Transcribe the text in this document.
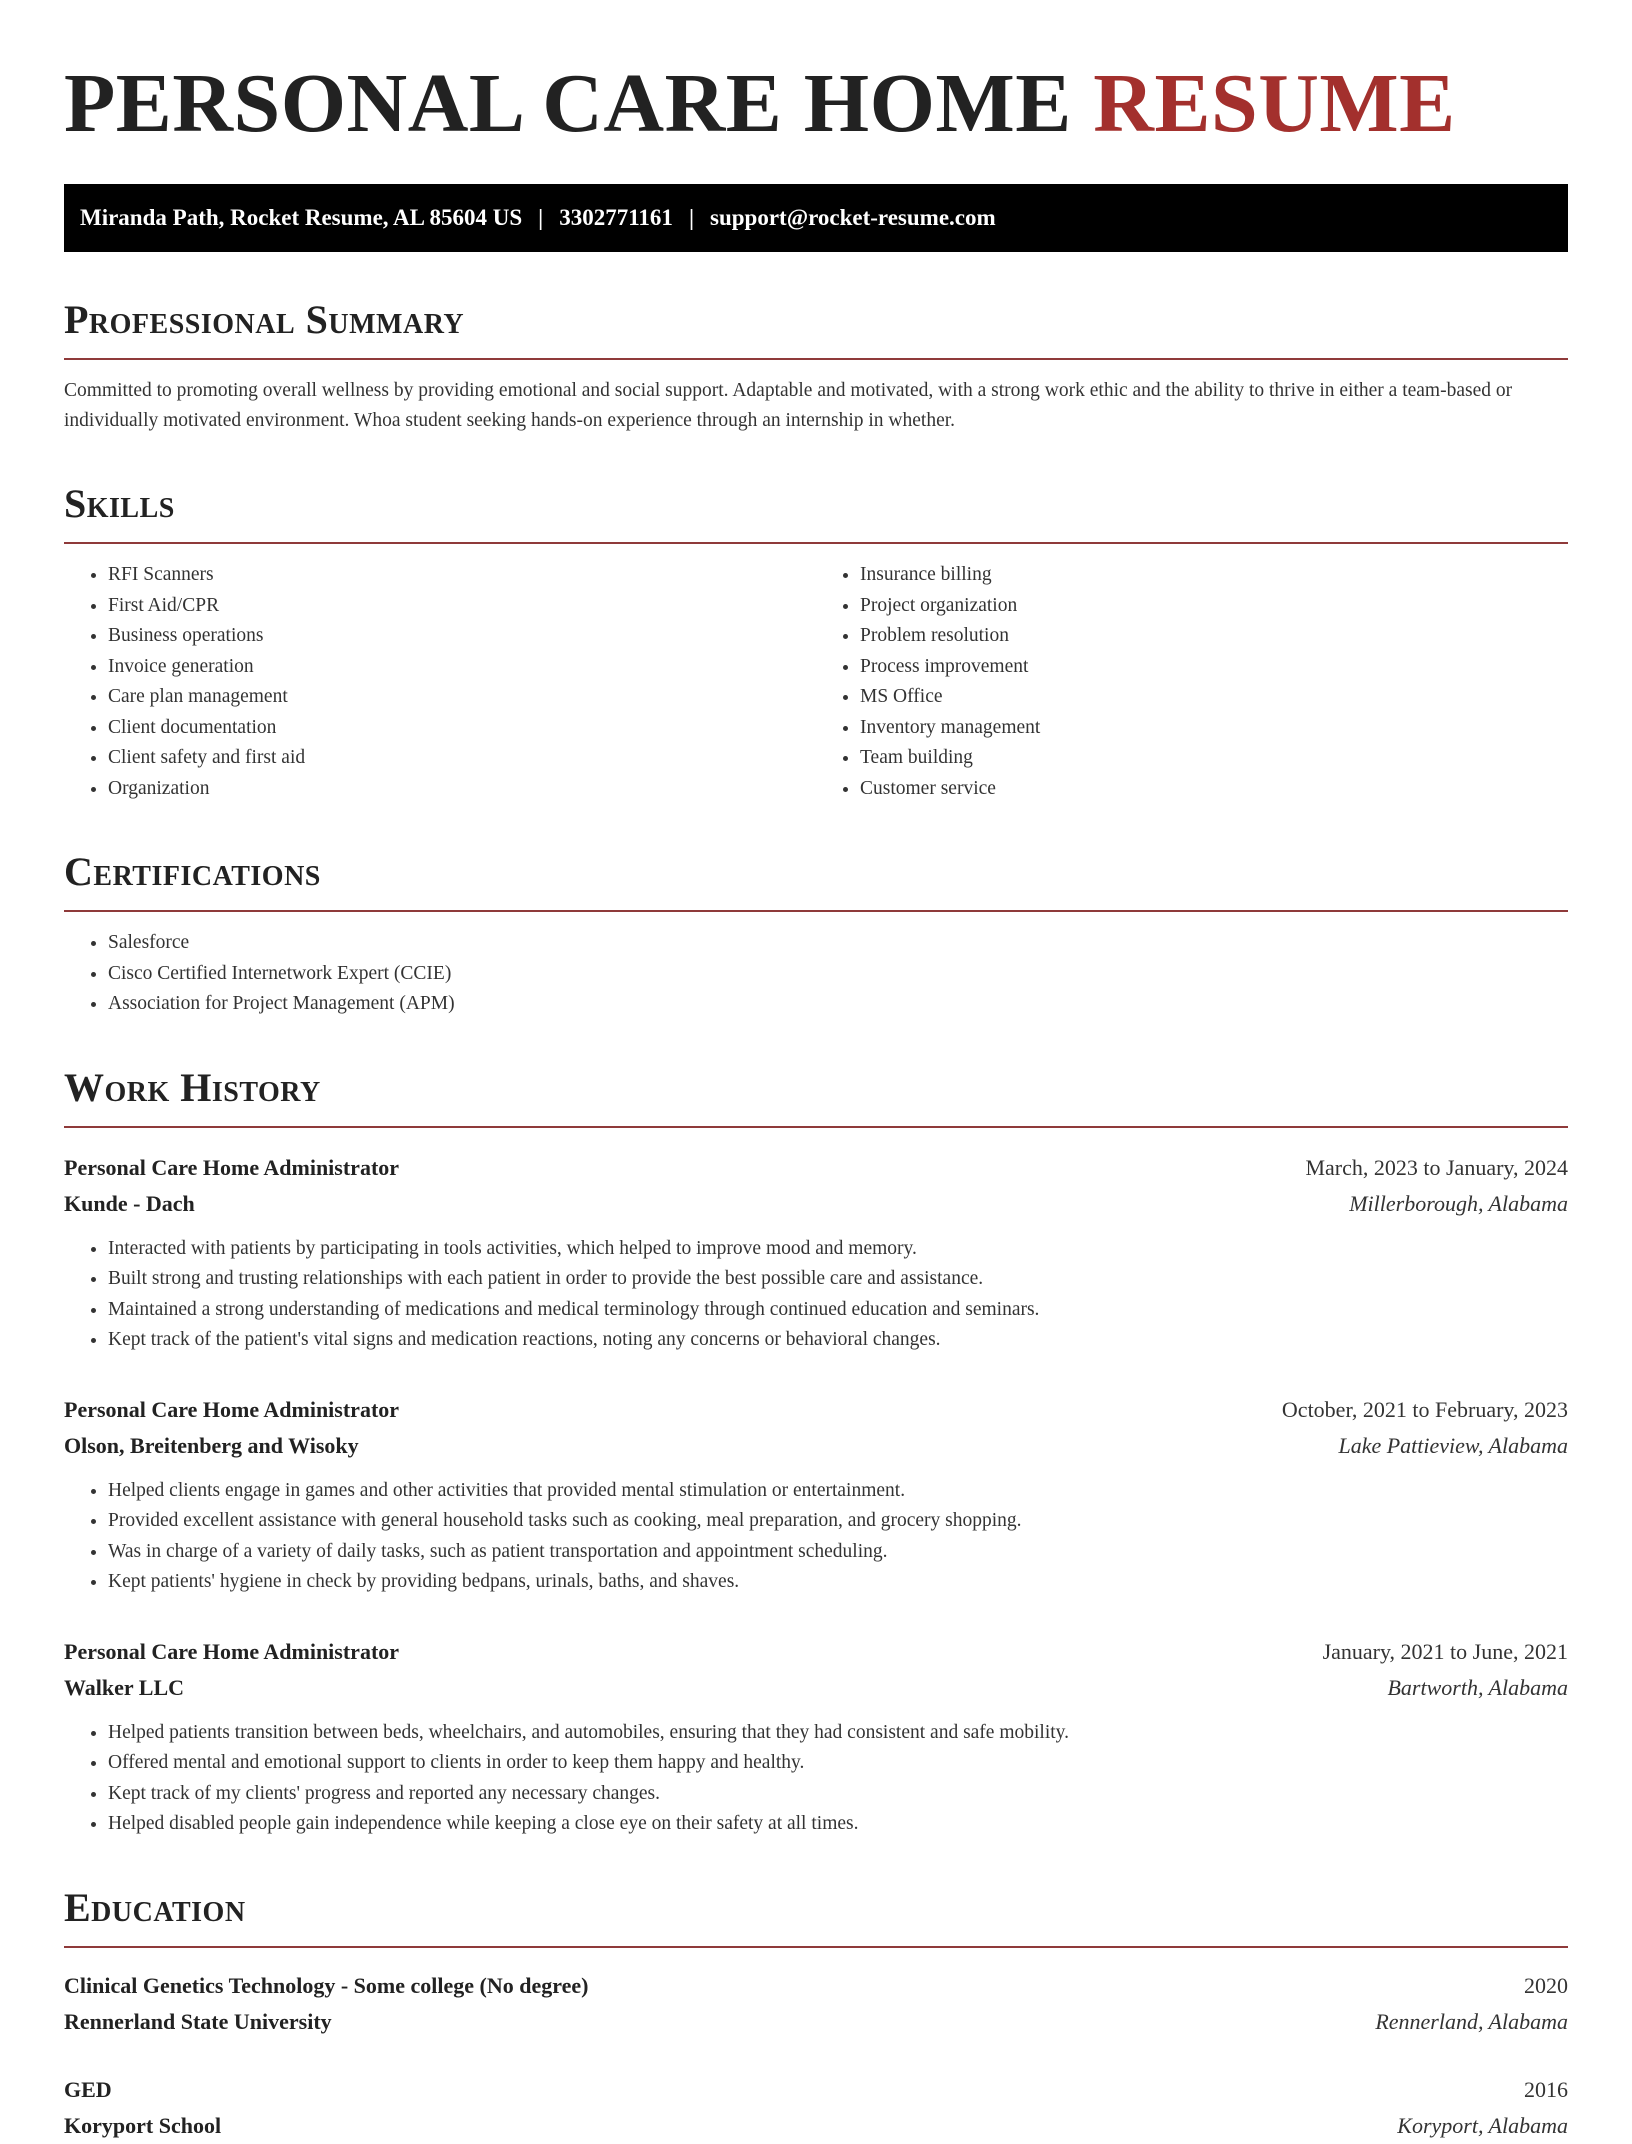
PERSONAL CARE HOME RESUME
Miranda Path, Rocket Resume, AL 85604 US | 3302771161 | support@rocket-resume.com
Professional Summary

Committed to promoting overall wellness by providing emotional and social support. Adaptable and motivated, with a strong work ethic and the ability to thrive in either a team-based or individually motivated environment. Whoa student seeking hands-on experience through an internship in whether.

Skills
• RFI Scanners
• First Aid/CPR
• Business operations
• Invoice generation
• Care plan management
• Client documentation
• Client safety and first aid
• Organization
• Insurance billing
• Project organization
• Problem resolution
• Process improvement
• MS Office
• Inventory management
• Team building
• Customer service
Certifications
• Salesforce
• Cisco Certified Internetwork Expert (CCIE)
• Association for Project Management (APM)
Work History
Personal Care Home Administrator	March, 2023 to January, 2024
Kunde - Dach	Millerborough, Alabama
• Interacted with patients by participating in tools activities, which helped to improve mood and memory.
• Built strong and trusting relationships with each patient in order to provide the best possible care and assistance.
• Maintained a strong understanding of medications and medical terminology through continued education and seminars.
• Kept track of the patient's vital signs and medication reactions, noting any concerns or behavioral changes.
Personal Care Home Administrator	October, 2021 to February, 2023
Olson, Breitenberg and Wisoky	Lake Pattieview, Alabama
• Helped clients engage in games and other activities that provided mental stimulation or entertainment.
• Provided excellent assistance with general household tasks such as cooking, meal preparation, and grocery shopping.
• Was in charge of a variety of daily tasks, such as patient transportation and appointment scheduling.
• Kept patients' hygiene in check by providing bedpans, urinals, baths, and shaves.
Personal Care Home Administrator	January, 2021 to June, 2021
Walker LLC	Bartworth, Alabama
• Helped patients transition between beds, wheelchairs, and automobiles, ensuring that they had consistent and safe mobility.
• Offered mental and emotional support to clients in order to keep them happy and healthy.
• Kept track of my clients' progress and reported any necessary changes.
• Helped disabled people gain independence while keeping a close eye on their safety at all times.
Education
Clinical Genetics Technology - Some college (No degree)	2020
Rennerland State University	Rennerland, Alabama
GED	2016
Koryport School	Koryport, Alabama
